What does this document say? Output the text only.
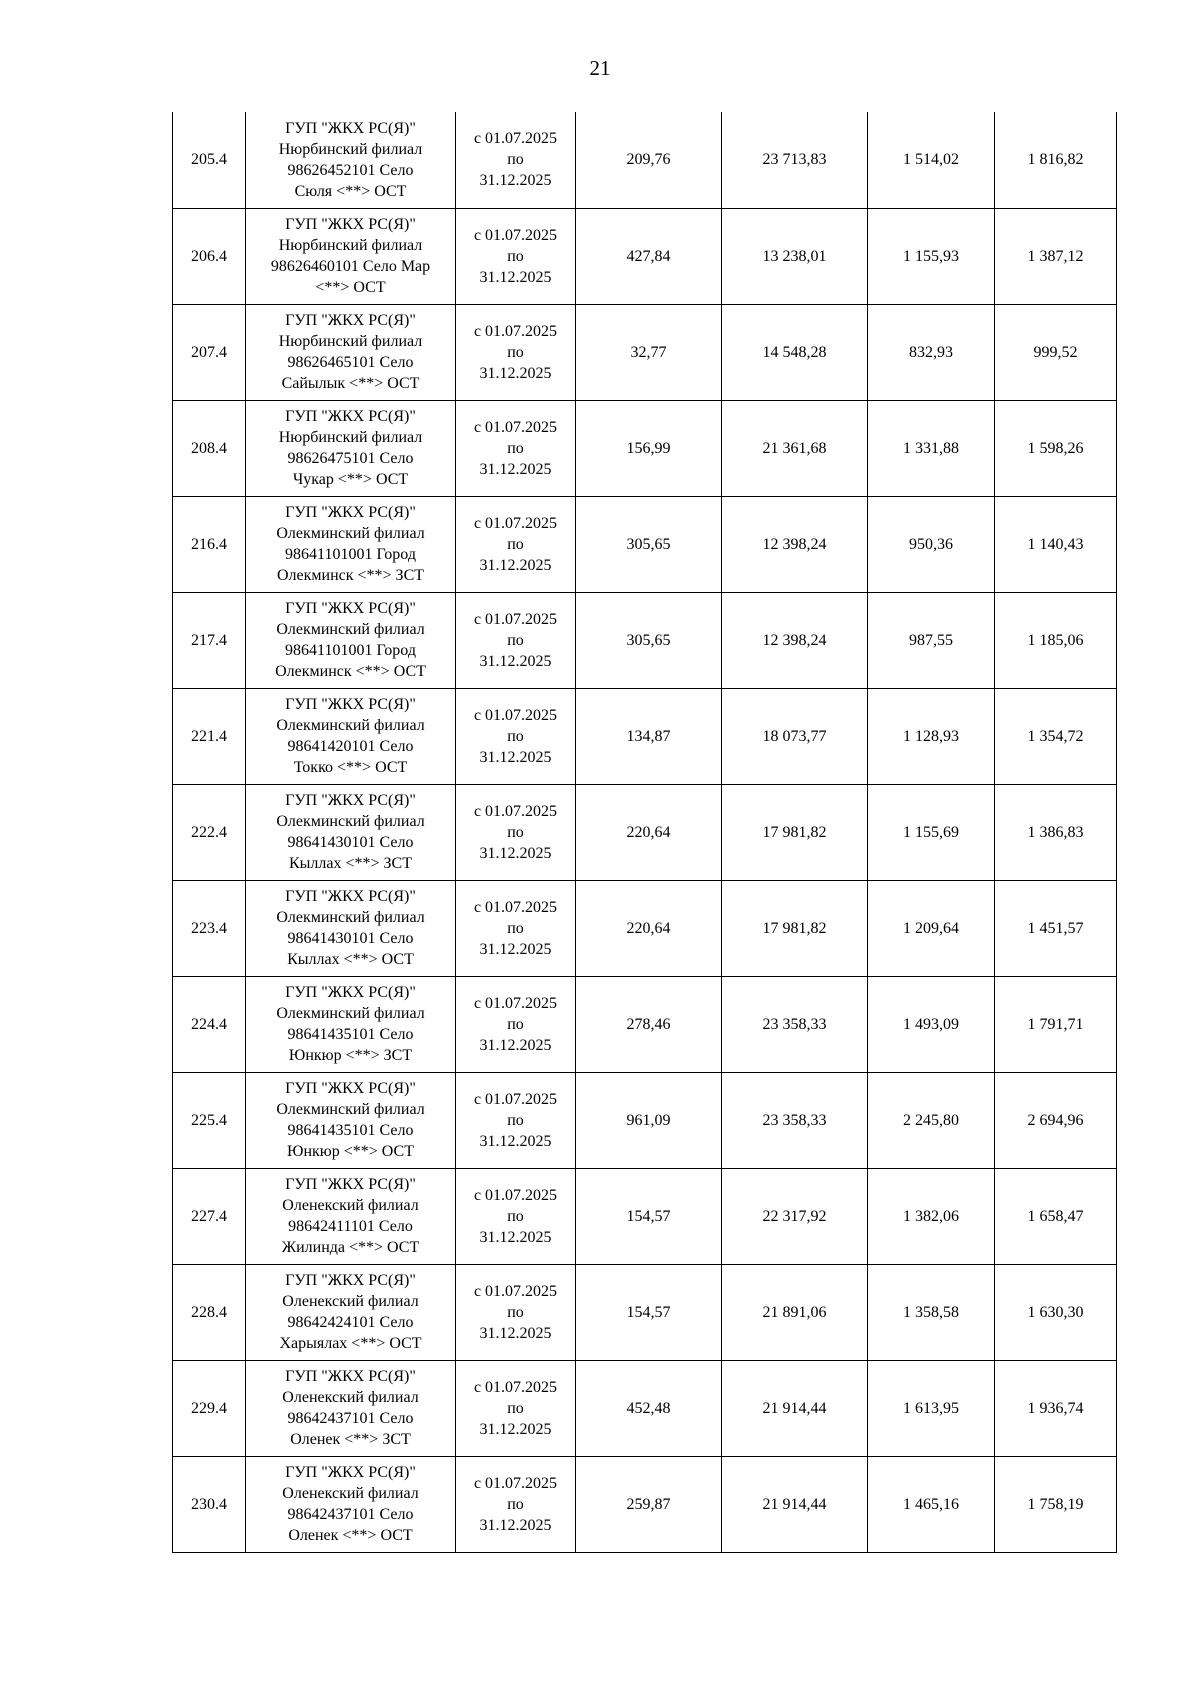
21
205.4	ГУП "ЖКХ РС(Я)"
Нюрбинский филиал
98626452101 Село
Сюля <**> ОСТ	с 01.07.2025
по
31.12.2025	209,76	23 713,83	1 514,02	1 816,82
206.4	ГУП "ЖКХ РС(Я)"
Нюрбинский филиал
98626460101 Село Мар
<**> ОСТ	с 01.07.2025
по
31.12.2025	427,84	13 238,01	1 155,93	1 387,12
207.4	ГУП "ЖКХ РС(Я)"
Нюрбинский филиал
98626465101 Село
Сайылык <**> ОСТ	с 01.07.2025
по
31.12.2025	32,77	14 548,28	832,93	999,52
208.4	ГУП "ЖКХ РС(Я)"
Нюрбинский филиал
98626475101 Село
Чукар <**> ОСТ	с 01.07.2025
по
31.12.2025	156,99	21 361,68	1 331,88	1 598,26
216.4	ГУП "ЖКХ РС(Я)"
Олекминский филиал
98641101001 Город
Олекминск <**> ЗСТ	с 01.07.2025
по
31.12.2025	305,65	12 398,24	950,36	1 140,43
217.4	ГУП "ЖКХ РС(Я)"
Олекминский филиал
98641101001 Город
Олекминск <**> ОСТ	с 01.07.2025
по
31.12.2025	305,65	12 398,24	987,55	1 185,06
221.4	ГУП "ЖКХ РС(Я)"
Олекминский филиал
98641420101 Село
Токко <**> ОСТ	с 01.07.2025
по
31.12.2025	134,87	18 073,77	1 128,93	1 354,72
222.4	ГУП "ЖКХ РС(Я)"
Олекминский филиал
98641430101 Село
Кыллах <**> ЗСТ	с 01.07.2025
по
31.12.2025	220,64	17 981,82	1 155,69	1 386,83
223.4	ГУП "ЖКХ РС(Я)"
Олекминский филиал
98641430101 Село
Кыллах <**> ОСТ	с 01.07.2025
по
31.12.2025	220,64	17 981,82	1 209,64	1 451,57
224.4	ГУП "ЖКХ РС(Я)"
Олекминский филиал
98641435101 Село
Юнкюр <**> ЗСТ	с 01.07.2025
по
31.12.2025	278,46	23 358,33	1 493,09	1 791,71
225.4	ГУП "ЖКХ РС(Я)"
Олекминский филиал
98641435101 Село
Юнкюр <**> ОСТ	с 01.07.2025
по
31.12.2025	961,09	23 358,33	2 245,80	2 694,96
227.4	ГУП "ЖКХ РС(Я)"
Оленекский филиал
98642411101 Село
Жилинда <**> ОСТ	с 01.07.2025
по
31.12.2025	154,57	22 317,92	1 382,06	1 658,47
228.4	ГУП "ЖКХ РС(Я)"
Оленекский филиал
98642424101 Село
Харыялах <**> ОСТ	с 01.07.2025
по
31.12.2025	154,57	21 891,06	1 358,58	1 630,30
229.4	ГУП "ЖКХ РС(Я)"
Оленекский филиал
98642437101 Село
Оленек <**> ЗСТ	с 01.07.2025
по
31.12.2025	452,48	21 914,44	1 613,95	1 936,74
230.4	ГУП "ЖКХ РС(Я)"
Оленекский филиал
98642437101 Село
Оленек <**> ОСТ	с 01.07.2025
по
31.12.2025	259,87	21 914,44	1 465,16	1 758,19
